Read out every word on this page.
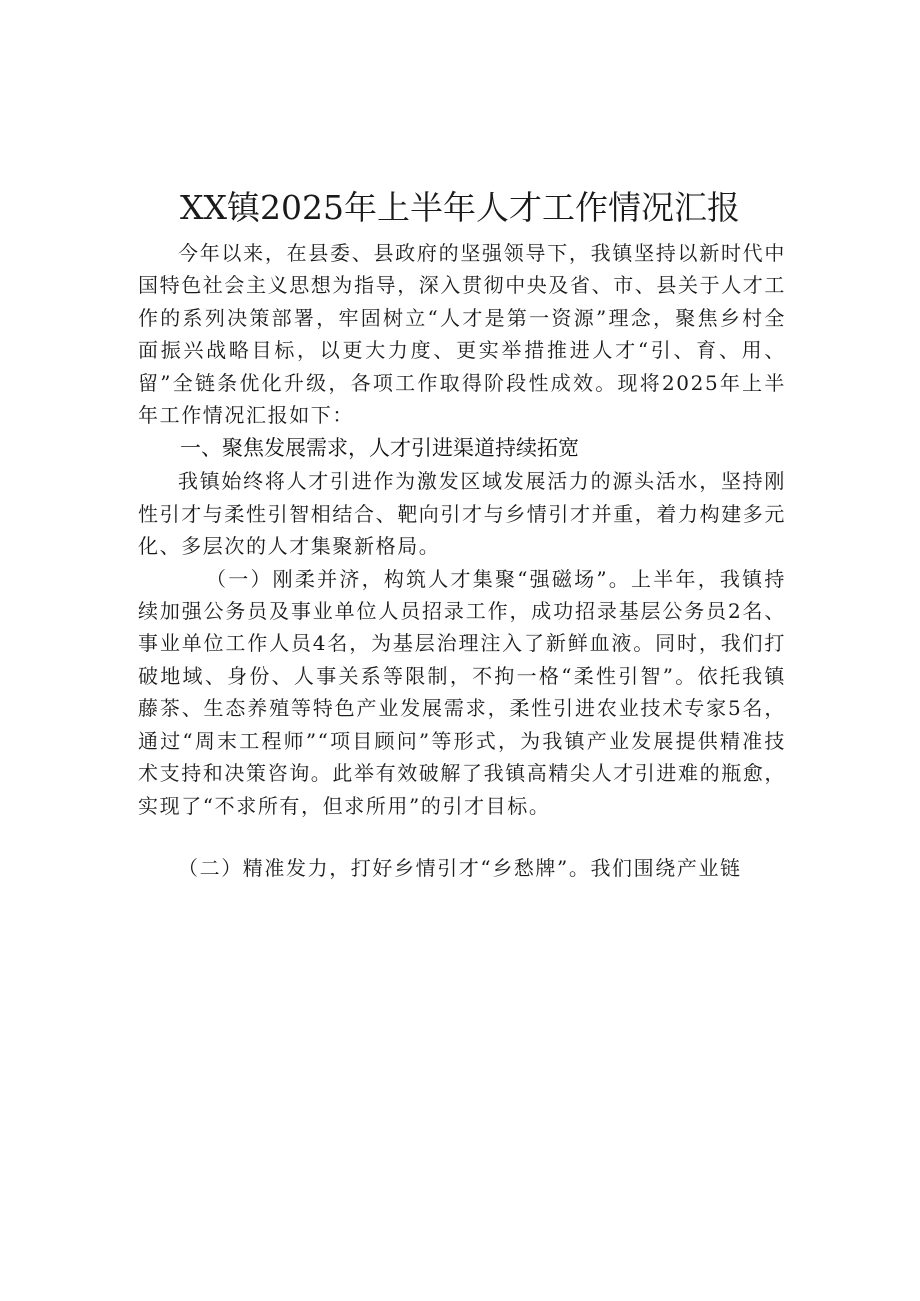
XX镇2025年上半年人才工作情况汇报

今年以来，在县委、县政府的坚强领导下，我镇坚持以新时代中国特色社会主义思想为指导，深入贯彻中央及省、市、县关于人才工作的系列决策部署，牢固树立“人才是第一资源”理念，聚焦乡村全面振兴战略目标，以更大力度、更实举措推进人才“引、育、用、留”全链条优化升级，各项工作取得阶段性成效。现将2025年上半年工作情况汇报如下：

一、聚焦发展需求，人才引进渠道持续拓宽

我镇始终将人才引进作为激发区域发展活力的源头活水，坚持刚性引才与柔性引智相结合、靶向引才与乡情引才并重，着力构建多元化、多层次的人才集聚新格局。

（一）刚柔并济，构筑人才集聚“强磁场”。上半年，我镇持续加强公务员及事业单位人员招录工作，成功招录基层公务员2名、事业单位工作人员4名，为基层治理注入了新鲜血液。同时，我们打破地域、身份、人事关系等限制，不拘一格“柔性引智”。依托我镇藤茶、生态养殖等特色产业发展需求，柔性引进农业技术专家5名，通过“周末工程师”“项目顾问”等形式，为我镇产业发展提供精准技术支持和决策咨询。此举有效破解了我镇高精尖人才引进难的瓶愈，实现了“不求所有，但求所用”的引才目标。

（二）精准发力，打好乡情引才“乡愁牌”。我们围绕产业链
